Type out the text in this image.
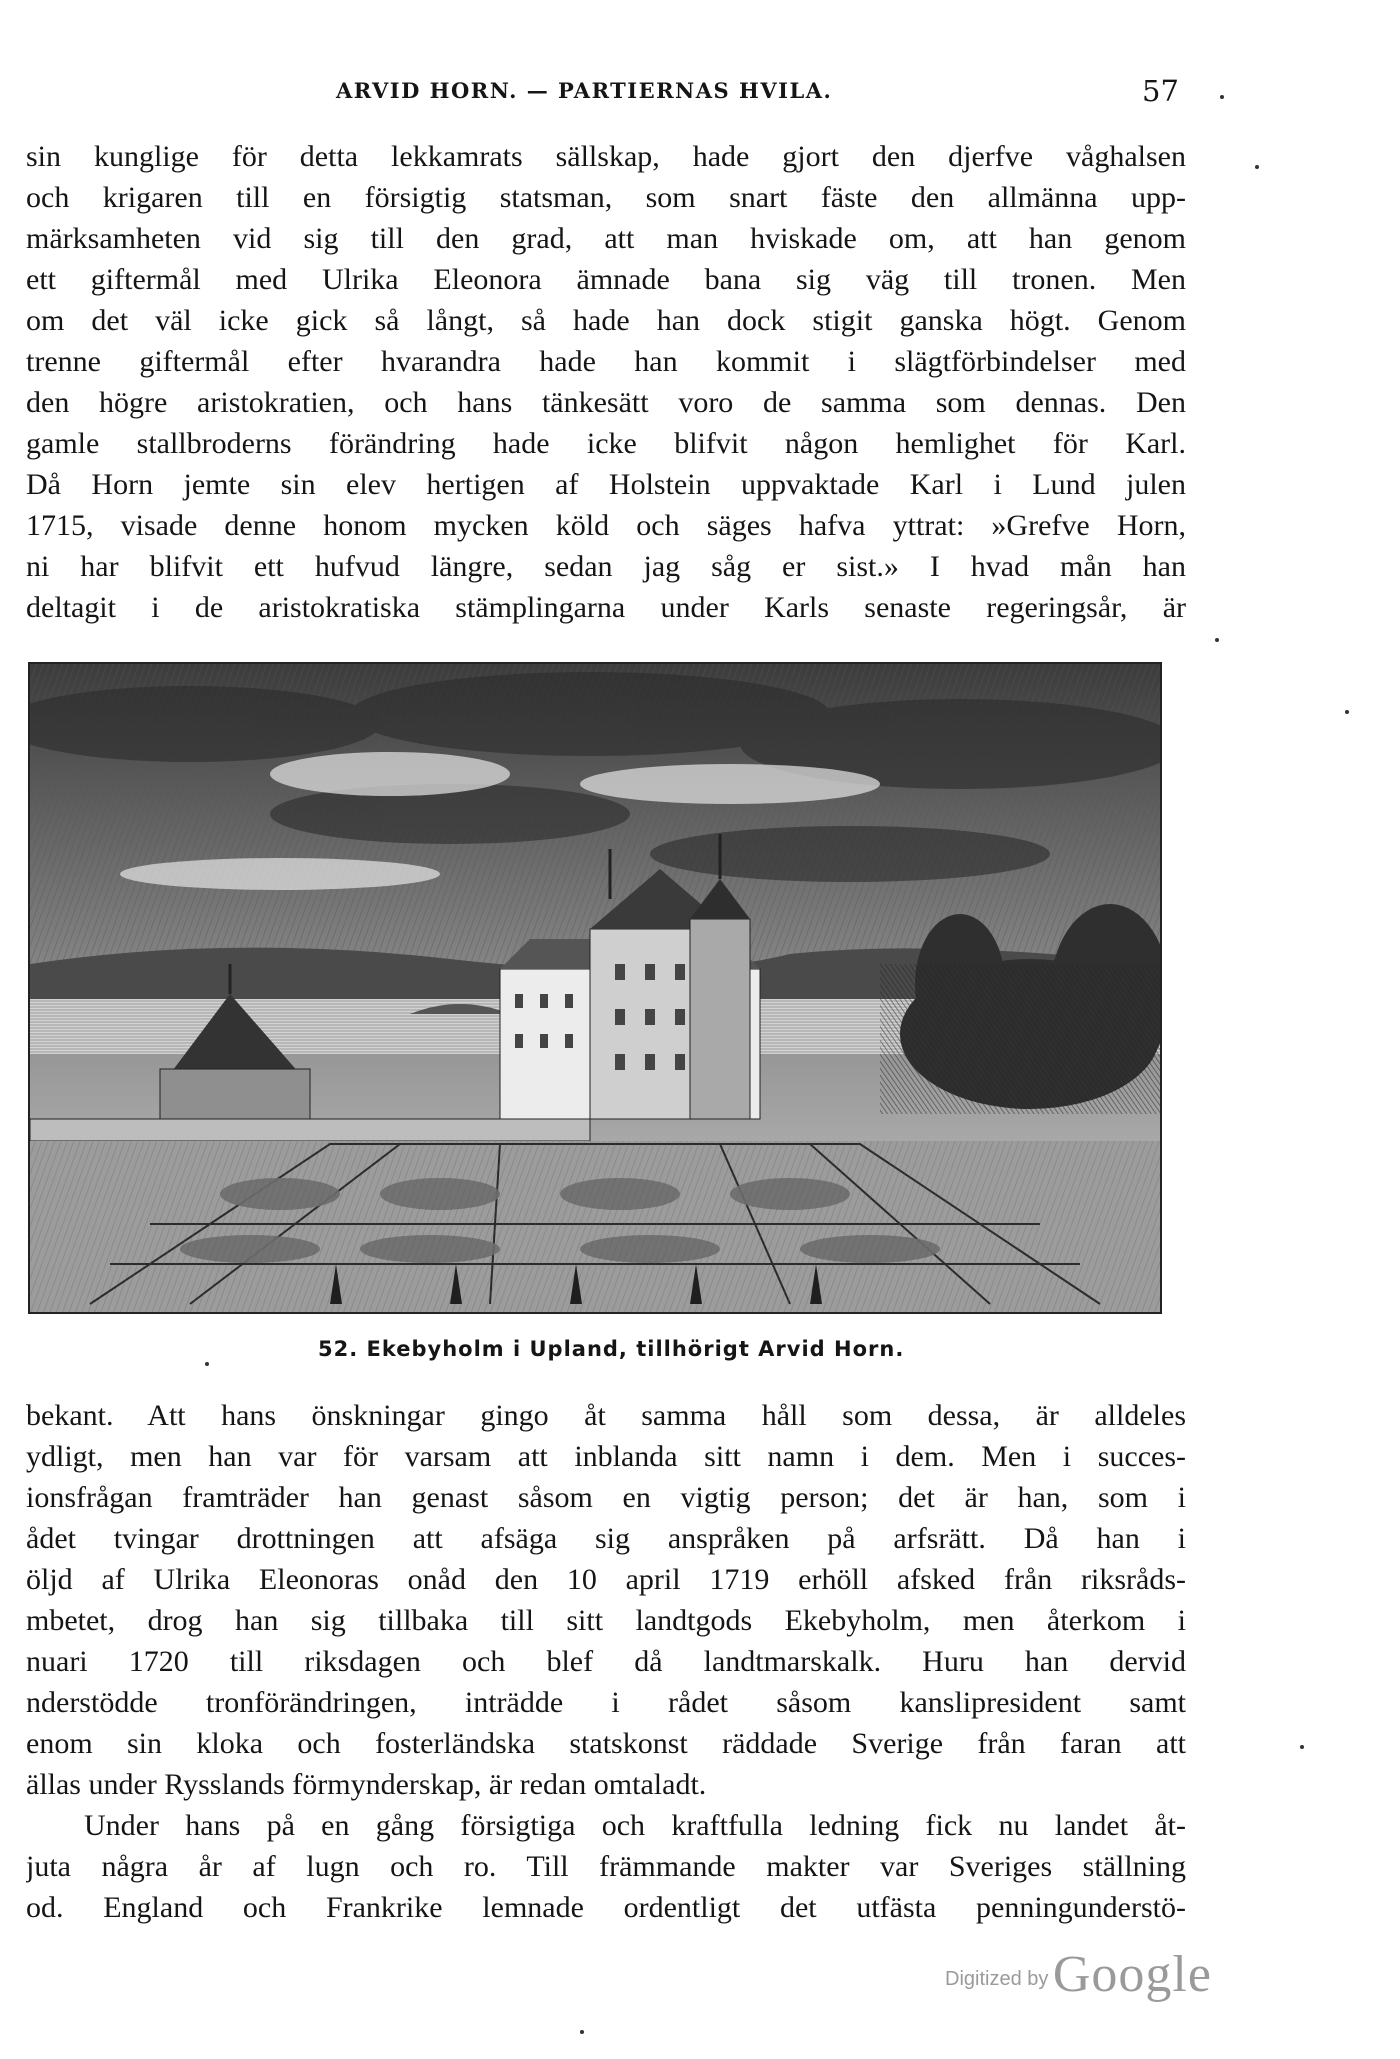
ARVID HORN. — PARTIERNAS HVILA.	57
sin kunglige för detta lekkamrats sällskap, hade gjort den djerfve våghalsen
och krigaren till en försigtig statsman, som snart fäste den allmänna upp-
märksamheten vid sig till den grad, att man hviskade om, att han genom
ett giftermål med Ulrika Eleonora ämnade bana sig väg till tronen. Men
om det väl icke gick så långt, så hade han dock stigit ganska högt. Genom
trenne giftermål efter hvarandra hade han kommit i slägtförbindelser med
den högre aristokratien, och hans tänkesätt voro de samma som dennas. Den
gamle stallbroderns förändring hade icke blifvit någon hemlighet för Karl.
Då Horn jemte sin elev hertigen af Holstein uppvaktade Karl i Lund julen
1715, visade denne honom mycken köld och säges hafva yttrat: »Grefve Horn,
ni har blifvit ett hufvud längre, sedan jag såg er sist.» I hvad mån han
deltagit i de aristokratiska stämplingarna under Karls senaste regeringsår, är
52. Ekebyholm i Upland, tillhörigt Arvid Horn.
bekant. Att hans önskningar gingo åt samma håll som dessa, är alldeles
ydligt, men han var för varsam att inblanda sitt namn i dem. Men i succes-
ionsfrågan framträder han genast såsom en vigtig person; det är han, som i
ådet tvingar drottningen att afsäga sig anspråken på arfsrätt. Då han i
öljd af Ulrika Eleonoras onåd den 10 april 1719 erhöll afsked från riksråds-
mbetet, drog han sig tillbaka till sitt landtgods Ekebyholm, men återkom i
nuari 1720 till riksdagen och blef då landtmarskalk. Huru han dervid
nderstödde tronförändringen, inträdde i rådet såsom kanslipresident samt
enom sin kloka och fosterländska statskonst räddade Sverige från faran att
ällas under Rysslands förmynderskap, är redan omtaladt.
Under hans på en gång försigtiga och kraftfulla ledning fick nu landet åt-
juta några år af lugn och ro. Till främmande makter var Sveriges ställning
od. England och Frankrike lemnade ordentligt det utfästa penningunderstö-
Digitized by Google
